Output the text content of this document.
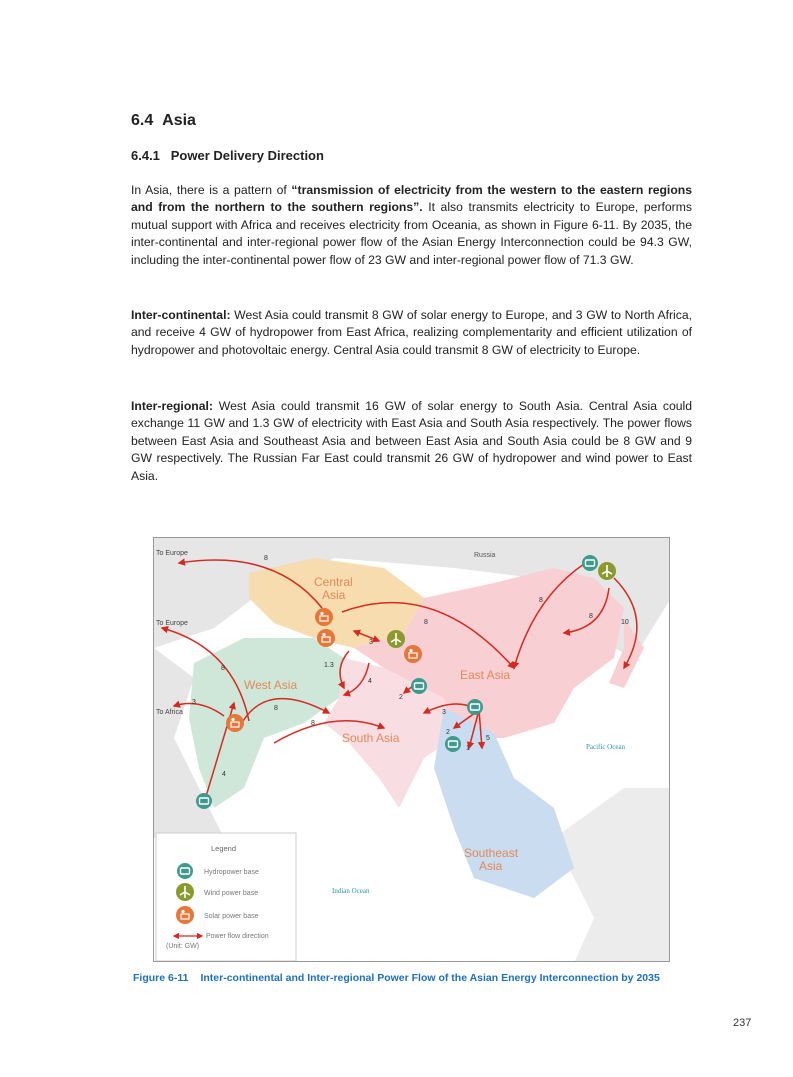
6.4 Asia
6.4.1 Power Delivery Direction
In Asia, there is a pattern of “transmission of electricity from the western to the eastern regions and from the northern to the southern regions”. It also transmits electricity to Europe, performs mutual support with Africa and receives electricity from Oceania, as shown in Figure 6-11. By 2035, the inter-continental and inter-regional power flow of the Asian Energy Interconnection could be 94.3 GW, including the inter-continental power flow of 23 GW and inter-regional power flow of 71.3 GW.
Inter-continental: West Asia could transmit 8 GW of solar energy to Europe, and 3 GW to North Africa, and receive 4 GW of hydropower from East Africa, realizing complementarity and efficient utilization of hydropower and photovoltaic energy. Central Asia could transmit 8 GW of electricity to Europe.
Inter-regional: West Asia could transmit 16 GW of solar energy to South Asia. Central Asia could exchange 11 GW and 1.3 GW of electricity with East Asia and South Asia respectively. The power flows between East Asia and Southeast Asia and between East Asia and South Asia could be 8 GW and 9 GW respectively. The Russian Far East could transmit 26 GW of hydropower and wind power to East Asia.
Central
Asia
West Asia
South Asia
East Asia
Southeast
Asia
Russia
Pacific Ocean
Indian Ocean
To Europe
To Europe
To Africa
8
8
3
1.3
4
8
3
8
8
2
3
2
1
5
8
8
10
4
Legend
Hydropower base
Wind power base
Solar power base
Power flow direction
(Unit: GW)
Figure 6-11 Inter-continental and Inter-regional Power Flow of the Asian Energy Interconnection by 2035
237
